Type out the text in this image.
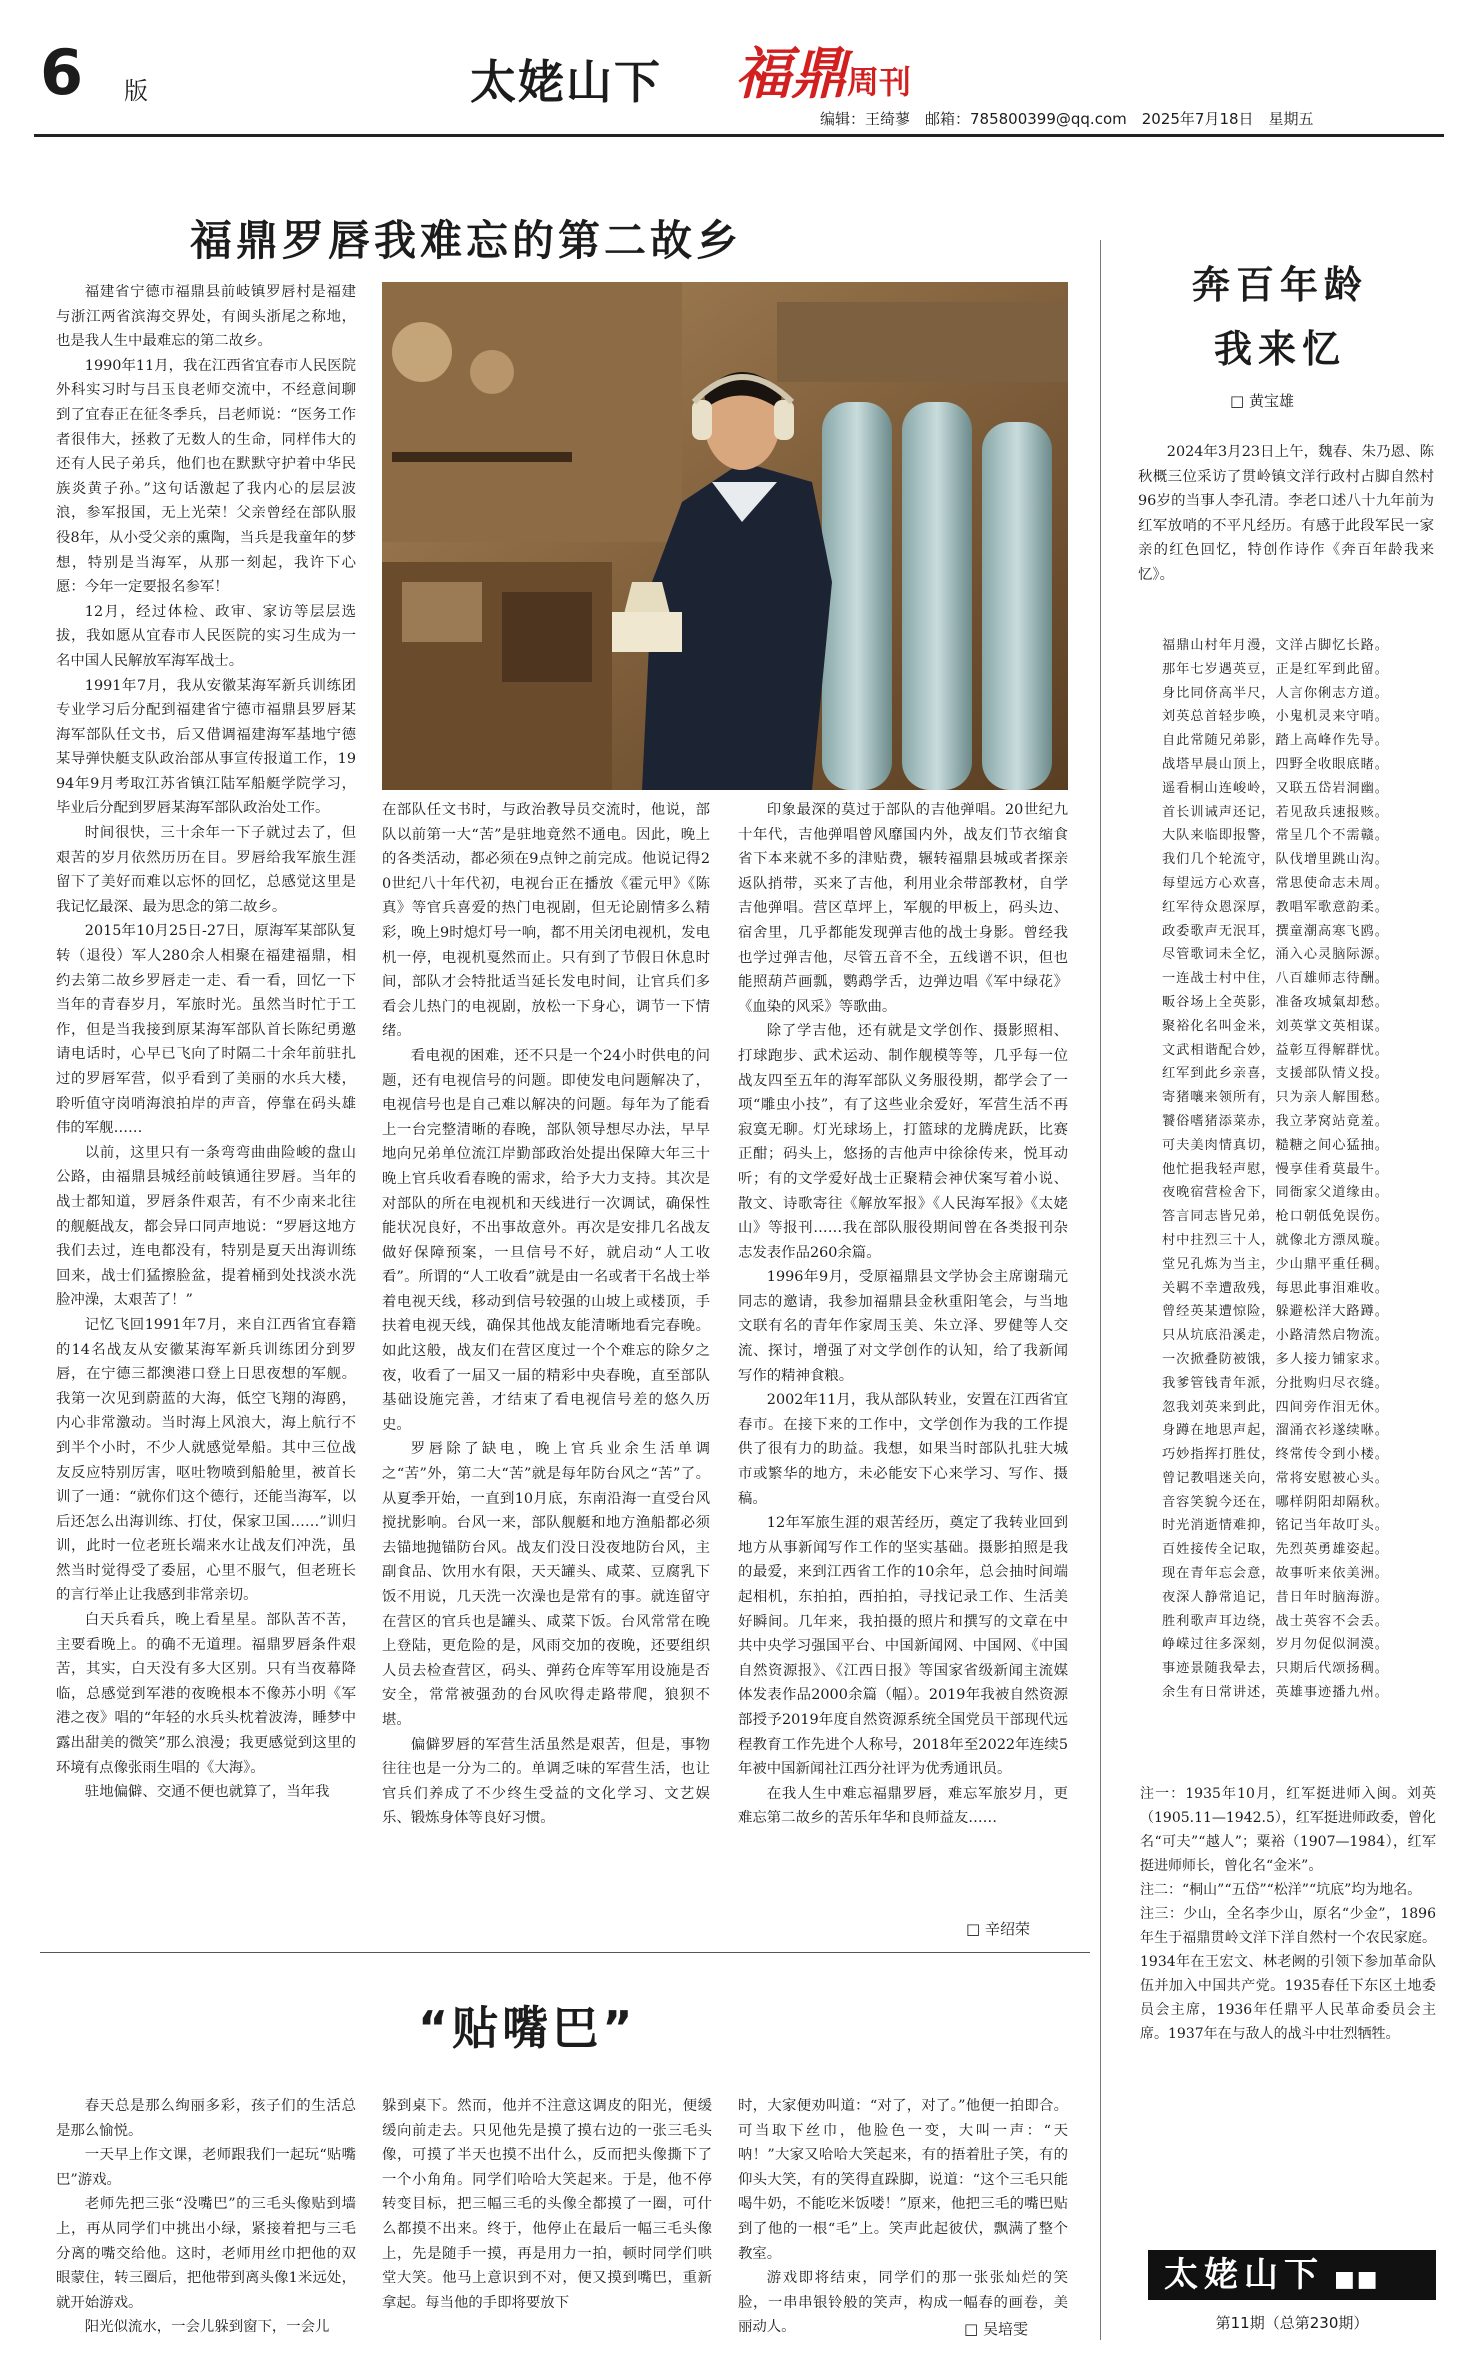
6 版	太姥山下 福鼎周刊
编辑：王绮蓼　邮箱：785800399@qq.com　2025年7月18日　星期五
福鼎罗唇我难忘的第二故乡

福建省宁德市福鼎县前岐镇罗唇村是福建与浙江两省滨海交界处，有闽头浙尾之称地，也是我人生中最难忘的第二故乡。

1990年11月，我在江西省宜春市人民医院外科实习时与吕玉良老师交流中，不经意间聊到了宜春正在征冬季兵，吕老师说：“医务工作者很伟大，拯救了无数人的生命，同样伟大的还有人民子弟兵，他们也在默默守护着中华民族炎黄子孙。”这句话激起了我内心的层层波浪，参军报国，无上光荣！父亲曾经在部队服役8年，从小受父亲的熏陶，当兵是我童年的梦想，特别是当海军，从那一刻起，我许下心愿：今年一定要报名参军！

12月，经过体检、政审、家访等层层选拔，我如愿从宜春市人民医院的实习生成为一名中国人民解放军海军战士。

1991年7月，我从安徽某海军新兵训练团专业学习后分配到福建省宁德市福鼎县罗唇某海军部队任文书，后又借调福建海军基地宁德某导弹快艇支队政治部从事宣传报道工作，1994年9月考取江苏省镇江陆军船艇学院学习，毕业后分配到罗唇某海军部队政治处工作。

时间很快，三十余年一下子就过去了，但艰苦的岁月依然历历在目。罗唇给我军旅生涯留下了美好而难以忘怀的回忆，总感觉这里是我记忆最深、最为思念的第二故乡。

2015年10月25日-27日，原海军某部队复转（退役）军人280余人相聚在福建福鼎，相约去第二故乡罗唇走一走、看一看，回忆一下当年的青春岁月，军旅时光。虽然当时忙于工作，但是当我接到原某海军部队首长陈纪勇邀请电话时，心早已飞向了时隔二十余年前驻扎过的罗唇军营，似乎看到了美丽的水兵大楼，聆听值守岗哨海浪拍岸的声音，停靠在码头雄伟的军舰……

以前，这里只有一条弯弯曲曲险峻的盘山公路，由福鼎县城经前岐镇通往罗唇。当年的战士都知道，罗唇条件艰苦，有不少南来北往的舰艇战友，都会异口同声地说：“罗唇这地方我们去过，连电都没有，特别是夏天出海训练回来，战士们猛擦脸盆，提着桶到处找淡水洗脸冲澡，太艰苦了！”

记忆飞回1991年7月，来自江西省宜春籍的14名战友从安徽某海军新兵训练团分到罗唇，在宁德三都澳港口登上日思夜想的军舰。我第一次见到蔚蓝的大海，低空飞翔的海鸥，内心非常激动。当时海上风浪大，海上航行不到半个小时，不少人就感觉晕船。其中三位战友反应特别厉害，呕吐物喷到船舱里，被首长训了一通：“就你们这个德行，还能当海军，以后还怎么出海训练、打仗，保家卫国……”训归训，此时一位老班长端来水让战友们冲洗，虽然当时觉得受了委屈，心里不服气，但老班长的言行举止让我感到非常亲切。

白天兵看兵，晚上看星星。部队苦不苦，主要看晚上。的确不无道理。福鼎罗唇条件艰苦，其实，白天没有多大区别。只有当夜幕降临，总感觉到军港的夜晚根本不像苏小明《军港之夜》唱的“年轻的水兵头枕着波涛，睡梦中露出甜美的微笑”那么浪漫；我更感觉到这里的环境有点像张雨生唱的《大海》。

驻地偏僻、交通不便也就算了，当年我

在部队任文书时，与政治教导员交流时，他说，部队以前第一大“苦”是驻地竟然不通电。因此，晚上的各类活动，都必须在9点钟之前完成。他说记得20世纪八十年代初，电视台正在播放《霍元甲》《陈真》等官兵喜爱的热门电视剧，但无论剧情多么精彩，晚上9时熄灯号一响，都不用关闭电视机，发电机一停，电视机戛然而止。只有到了节假日休息时间，部队才会特批适当延长发电时间，让官兵们多看会儿热门的电视剧，放松一下身心，调节一下情绪。

看电视的困难，还不只是一个24小时供电的问题，还有电视信号的问题。即使发电问题解决了，电视信号也是自己难以解决的问题。每年为了能看上一台完整清晰的春晚，部队领导想尽办法，早早地向兄弟单位流江岸勤部政治处提出保障大年三十晚上官兵收看春晚的需求，给予大力支持。其次是对部队的所在电视机和天线进行一次调试，确保性能状况良好，不出事故意外。再次是安排几名战友做好保障预案，一旦信号不好，就启动“人工收看”。所谓的“人工收看”就是由一名或者干名战士举着电视天线，移动到信号较强的山坡上或楼顶，手扶着电视天线，确保其他战友能清晰地看完春晚。如此这般，战友们在营区度过一个个难忘的除夕之夜，收看了一届又一届的精彩中央春晚，直至部队基础设施完善，才结束了看电视信号差的悠久历史。

罗唇除了缺电，晚上官兵业余生活单调之“苦”外，第二大“苦”就是每年防台风之“苦”了。从夏季开始，一直到10月底，东南沿海一直受台风搅扰影响。台风一来，部队舰艇和地方渔船都必须去锚地抛锚防台风。战友们没日没夜地防台风，主副食品、饮用水有限，天天罐头、咸菜、豆腐乳下饭不用说，几天洗一次澡也是常有的事。就连留守在营区的官兵也是罐头、咸菜下饭。台风常常在晚上登陆，更危险的是，风雨交加的夜晚，还要组织人员去检查营区，码头、弹药仓库等军用设施是否安全，常常被强劲的台风吹得走路带爬，狼狈不堪。

偏僻罗唇的军营生活虽然是艰苦，但是，事物往往也是一分为二的。单调乏味的军营生活，也让官兵们养成了不少终生受益的文化学习、文艺娱乐、锻炼身体等良好习惯。

印象最深的莫过于部队的吉他弹唱。20世纪九十年代，吉他弹唱曾风靡国内外，战友们节衣缩食省下本来就不多的津贴费，辗转福鼎县城或者探亲返队捎带，买来了吉他，利用业余带部教材，自学吉他弹唱。营区草坪上，军舰的甲板上，码头边、宿舍里，几乎都能发现弹吉他的战士身影。曾经我也学过弹吉他，尽管五音不全，五线谱不识，但也能照葫芦画瓢，鹦鹉学舌，边弹边唱《军中绿花》《血染的风采》等歌曲。

除了学吉他，还有就是文学创作、摄影照相、打球跑步、武术运动、制作舰模等等，几乎每一位战友四至五年的海军部队义务服役期，都学会了一项“雕虫小技”，有了这些业余爱好，军营生活不再寂寞无聊。灯光球场上，打篮球的龙腾虎跃，比赛正酣；码头上，悠扬的吉他声中徐徐传来，悦耳动听；有的文学爱好战士正聚精会神伏案写着小说、散文、诗歌寄往《解放军报》《人民海军报》《太姥山》等报刊……我在部队服役期间曾在各类报刊杂志发表作品260余篇。

1996年9月，受原福鼎县文学协会主席谢瑞元同志的邀请，我参加福鼎县金秋重阳笔会，与当地文联有名的青年作家周玉美、朱立泽、罗健等人交流、探讨，增强了对文学创作的认知，给了我新闻写作的精神食粮。

2002年11月，我从部队转业，安置在江西省宜春市。在接下来的工作中，文学创作为我的工作提供了很有力的助益。我想，如果当时部队扎驻大城市或繁华的地方，未必能安下心来学习、写作、摄稿。

12年军旅生涯的艰苦经历，奠定了我转业回到地方从事新闻写作工作的坚实基础。摄影拍照是我的最爱，来到江西省工作的10余年，总会抽时间端起相机，东拍拍，西拍拍，寻找记录工作、生活美好瞬间。几年来，我拍摄的照片和撰写的文章在中共中央学习强国平台、中国新闻网、中国网、《中国自然资源报》、《江西日报》等国家省级新闻主流媒体发表作品2000余篇（幅）。2019年我被自然资源部授予2019年度自然资源系统全国党员干部现代远程教育工作先进个人称号，2018年至2022年连续5年被中国新闻社江西分社评为优秀通讯员。

在我人生中难忘福鼎罗唇，难忘军旅岁月，更难忘第二故乡的苦乐年华和良师益友……

□ 辛绍荣
“贴嘴巴”

春天总是那么绚丽多彩，孩子们的生活总是那么愉悦。

一天早上作文课，老师跟我们一起玩“贴嘴巴”游戏。

老师先把三张“没嘴巴”的三毛头像贴到墙上，再从同学们中挑出小绿，紧接着把与三毛分离的嘴交给他。这时，老师用丝巾把他的双眼蒙住，转三圈后，把他带到离头像1米远处，就开始游戏。

阳光似流水，一会儿躲到窗下，一会儿

躲到桌下。然而，他并不注意这调皮的阳光，便缓缓向前走去。只见他先是摸了摸右边的一张三毛头像，可摸了半天也摸不出什么，反而把头像撕下了一个小角角。同学们哈哈大笑起来。于是，他不停转变目标，把三幅三毛的头像全都摸了一圈，可什么都摸不出来。终于，他停止在最后一幅三毛头像上，先是随手一摸，再是用力一拍，顿时同学们哄堂大笑。他马上意识到不对，便又摸到嘴巴，重新拿起。每当他的手即将要放下

时，大家便劝叫道：“对了，对了。”他便一拍即合。可当取下丝巾，他脸色一变，大叫一声：“天呐！”大家又哈哈大笑起来，有的捂着肚子笑，有的仰头大笑，有的笑得直跺脚，说道：“这个三毛只能喝牛奶，不能吃米饭喽！”原来，他把三毛的嘴巴贴到了他的一根“毛”上。笑声此起彼伏，飘满了整个教室。

游戏即将结束，同学们的那一张张灿烂的笑脸，一串串银铃般的笑声，构成一幅春的画卷，美丽动人。	□ 吴培雯
奔百年龄
我来忆
□ 黄宝雄

2024年3月23日上午，魏春、朱乃恩、陈秋概三位采访了贯岭镇文洋行政村占脚自然村96岁的当事人李孔清。李老口述八十九年前为红军放哨的不平凡经历。有感于此段军民一家亲的红色回忆，特创作诗作《奔百年龄我来忆》。

福鼎山村年月漫，文洋占脚忆长路。
那年七岁遇英豆，正是红军到此留。
身比同侪高半尺，人言你俐志方道。
刘英总首轻步唤，小鬼机灵来守哨。
自此常随兄弟影，踏上高峰作先导。
战塔早晨山顶上，四野全收眼底睹。
遥看桐山连峻岭，又联五岱岩洞幽。
首长训诫声还记，若见敌兵速报赅。
大队来临即报警，常呈几个不需赣。
我们几个轮流守，队伐增里跳山沟。
每望远方心欢喜，常思使命志未周。
红军待众恩深厚，教唱军歌意韵柔。
政委歌声无泯耳，撰童潮高寒飞鸥。
尽管歌词未全忆，涌入心灵脑际源。
一连战士村中住，八百雄师志待酬。
畈谷场上全英影，准备攻城氣却愁。
聚裕化名叫金米，刘英掌文英相谋。
文武相谐配合妙，益彰互得解群忧。
红军到此乡亲喜，支援部队情义投。
寄猪嚷来领所有，只为亲人解围愁。
饕俗嗜猪添菜赤，我立茅窝站竟羞。
可夫美肉情真切，糙糖之间心猛抽。
他忙挹我轻声慰，慢享佳肴莫最牛。
夜晚宿营检舍下，同衙家父道缘由。
答言同志皆兄弟，枪口朝低免误伤。
村中拄烈三十人，就像北方漂凤璇。
堂兄孔炼为当主，少山鼎平重任稠。
关羁不幸遭敌残，每思此事泪难收。
曾经英某遭惊险，躲避松洋大路蹲。
只从坑底沿溪走，小路清然启物流。
一次掀叠防被饿，多人接力铺家求。
我爹管钱青年派，分批购归尽衣缝。
忽我刘英来到此，四间旁作泪无休。
身蹲在地思声起，溜涌衣衫遂续咻。
巧妙指挥打胜仗，终常传令到小楼。
曾记教唱迷关向，常将安慰被心头。
音容笑貌今还在，哪样阴阳却隔秋。
时光消逝情难抑，铭记当年故叮头。
百姓接传全记取，先烈英勇雄姿起。
现在青年忘会意，故事听来依美洲。
夜深人静常追记，昔日年时脑海游。
胜利歌声耳边绕，战士英容不会丢。
峥嵘过往多深刻，岁月勿促似洞漠。
事迹景随我晕去，只期后代颂扬稠。
余生有日常讲述，英雄事迹播九州。

注一：1935年10月，红军挺进师入闽。刘英（1905.11—1942.5），红军挺进师政委，曾化名“可夫”“越人”；粟裕（1907—1984），红军挺进师师长，曾化名“金米”。

注二：“桐山”“五岱”“松洋”“坑底”均为地名。

注三：少山，全名李少山，原名“少金”，1896年生于福鼎贯岭文洋下洋自然村一个农民家庭。1934年在王宏文、林老阙的引领下参加革命队伍并加入中国共产党。1935春任下东区土地委员会主席，1936年任鼎平人民革命委员会主席。1937年在与敌人的战斗中壮烈牺牲。

太姥山下 ■■
第11期（总第230期）
